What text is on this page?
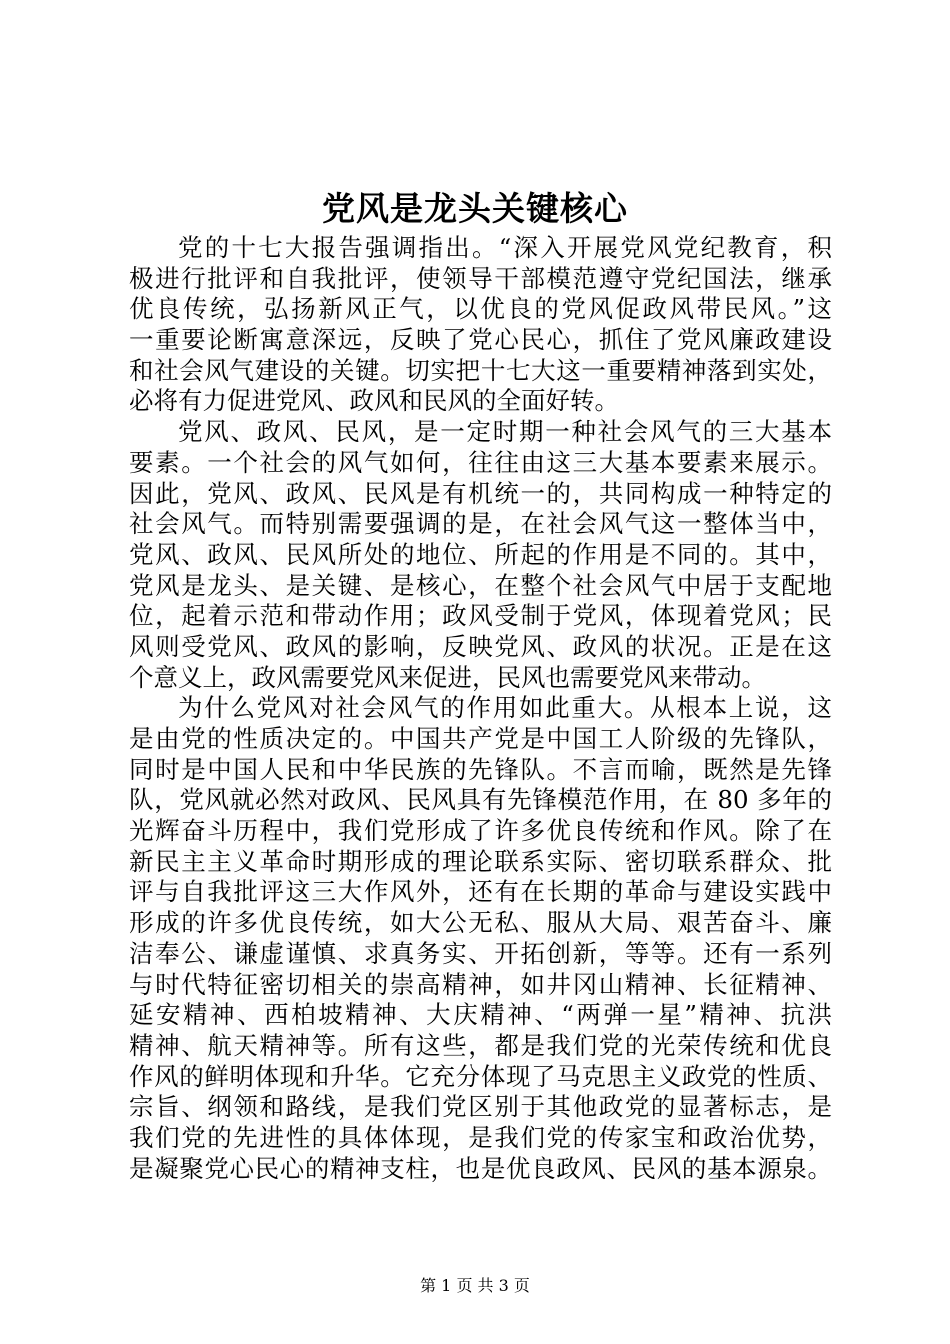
党风是龙头关键核心
党的十七大报告强调指出。“深入开展党风党纪教育，积
极进行批评和自我批评，使领导干部模范遵守党纪国法，继承
优良传统，弘扬新风正气，以优良的党风促政风带民风。”这
一重要论断寓意深远，反映了党心民心，抓住了党风廉政建设
和社会风气建设的关键。切实把十七大这一重要精神落到实处，
必将有力促进党风、政风和民风的全面好转。
党风、政风、民风，是一定时期一种社会风气的三大基本
要素。一个社会的风气如何，往往由这三大基本要素来展示。
因此，党风、政风、民风是有机统一的，共同构成一种特定的
社会风气。而特别需要强调的是，在社会风气这一整体当中，
党风、政风、民风所处的地位、所起的作用是不同的。其中，
党风是龙头、是关键、是核心，在整个社会风气中居于支配地
位，起着示范和带动作用；政风受制于党风，体现着党风；民
风则受党风、政风的影响，反映党风、政风的状况。正是在这
个意义上，政风需要党风来促进，民风也需要党风来带动。
为什么党风对社会风气的作用如此重大。从根本上说，这
是由党的性质决定的。中国共产党是中国工人阶级的先锋队，
同时是中国人民和中华民族的先锋队。不言而喻，既然是先锋
队，党风就必然对政风、民风具有先锋模范作用，在 80 多年的
光辉奋斗历程中，我们党形成了许多优良传统和作风。除了在
新民主主义革命时期形成的理论联系实际、密切联系群众、批
评与自我批评这三大作风外，还有在长期的革命与建设实践中
形成的许多优良传统，如大公无私、服从大局、艰苦奋斗、廉
洁奉公、谦虚谨慎、求真务实、开拓创新，等等。还有一系列
与时代特征密切相关的崇高精神，如井冈山精神、长征精神、
延安精神、西柏坡精神、大庆精神、“两弹一星”精神、抗洪
精神、航天精神等。所有这些，都是我们党的光荣传统和优良
作风的鲜明体现和升华。它充分体现了马克思主义政党的性质、
宗旨、纲领和路线，是我们党区别于其他政党的显著标志，是
我们党的先进性的具体体现，是我们党的传家宝和政治优势，
是凝聚党心民心的精神支柱，也是优良政风、民风的基本源泉。
第 1 页 共 3 页
